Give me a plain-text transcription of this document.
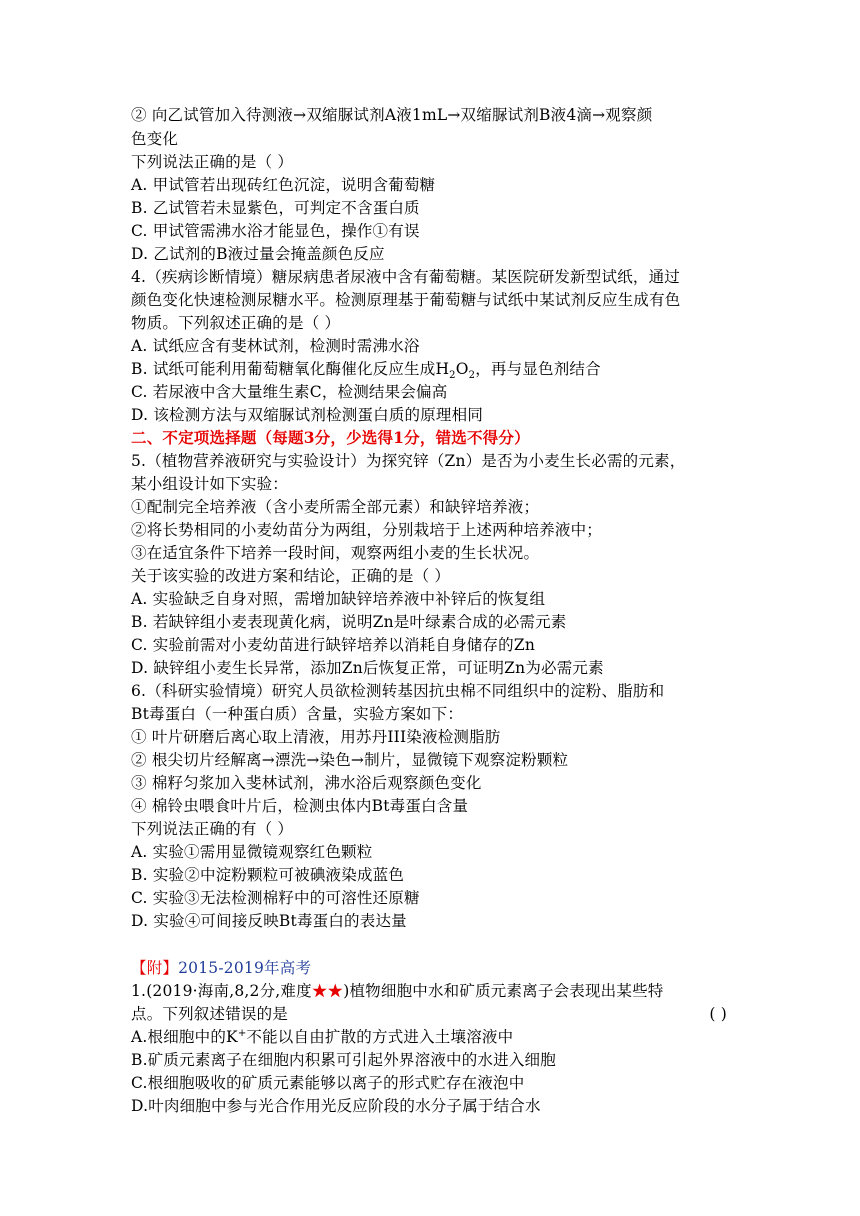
② 向乙试管加入待测液→双缩脲试剂A液1mL→双缩脲试剂B液4滴→观察颜
色变化
下列说法正确的是（ ）
A. 甲试管若出现砖红色沉淀，说明含葡萄糖
B. 乙试管若未显紫色，可判定不含蛋白质
C. 甲试管需沸水浴才能显色，操作①有误
D. 乙试剂的B液过量会掩盖颜色反应
4.（疾病诊断情境）糖尿病患者尿液中含有葡萄糖。某医院研发新型试纸，通过
颜色变化快速检测尿糖水平。检测原理基于葡萄糖与试纸中某试剂反应生成有色
物质。下列叙述正确的是（ ）
A. 试纸应含有斐林试剂，检测时需沸水浴
B. 试纸可能利用葡萄糖氧化酶催化反应生成$H_2O_2$，再与显色剂结合
C. 若尿液中含大量维生素C，检测结果会偏高
D. 该检测方法与双缩脲试剂检测蛋白质的原理相同
二、不定项选择题（每题3分，少选得1分，错选不得分）
5.（植物营养液研究与实验设计）为探究锌（Zn）是否为小麦生长必需的元素，
某小组设计如下实验：
①配制完全培养液（含小麦所需全部元素）和缺锌培养液；
②将长势相同的小麦幼苗分为两组，分别栽培于上述两种培养液中；
③在适宜条件下培养一段时间，观察两组小麦的生长状况。
关于该实验的改进方案和结论，正确的是（ ）
A. 实验缺乏自身对照，需增加缺锌培养液中补锌后的恢复组
B. 若缺锌组小麦表现黄化病，说明Zn是叶绿素合成的必需元素
C. 实验前需对小麦幼苗进行缺锌培养以消耗自身储存的Zn
D. 缺锌组小麦生长异常，添加Zn后恢复正常，可证明Zn为必需元素
6.（科研实验情境）研究人员欲检测转基因抗虫棉不同组织中的淀粉、脂肪和
Bt毒蛋白（一种蛋白质）含量，实验方案如下：
① 叶片研磨后离心取上清液，用苏丹III染液检测脂肪
② 根尖切片经解离→漂洗→染色→制片，显微镜下观察淀粉颗粒
③ 棉籽匀浆加入斐林试剂，沸水浴后观察颜色变化
④ 棉铃虫喂食叶片后，检测虫体内Bt毒蛋白含量
下列说法正确的有（ ）
A. 实验①需用显微镜观察红色颗粒
B. 实验②中淀粉颗粒可被碘液染成蓝色
C. 实验③无法检测棉籽中的可溶性还原糖
D. 实验④可间接反映Bt毒蛋白的表达量
【附】2015-2019年高考
1.(2019·海南,8,2分,难度★★)植物细胞中水和矿质元素离子会表现出某些特
点。下列叙述错误的是	( )
A.根细胞中的K+不能以自由扩散的方式进入土壤溶液中
B.矿质元素离子在细胞内积累可引起外界溶液中的水进入细胞
C.根细胞吸收的矿质元素能够以离子的形式贮存在液泡中
D.叶肉细胞中参与光合作用光反应阶段的水分子属于结合水
